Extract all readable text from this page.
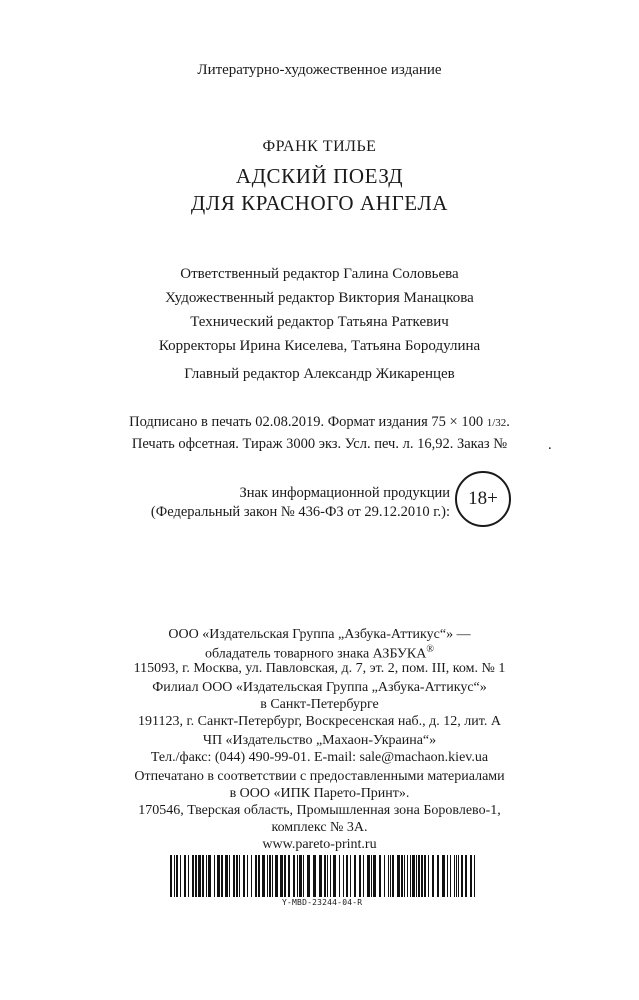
Литературно-художественное издание
ФРАНК ТИЛЬЕ
АДСКИЙ ПОЕЗД
ДЛЯ КРАСНОГО АНГЕЛА
Ответственный редактор Галина Соловьева
Художественный редактор Виктория Манацкова
Технический редактор Татьяна Раткевич
Корректоры Ирина Киселева, Татьяна Бородулина
Главный редактор Александр Жикаренцев
Подписано в печать 02.08.2019. Формат издания 75 × 100 1/32.
Печать офсетная. Тираж 3000 экз. Усл. печ. л. 16,92. Заказ №	.
Знак информационной продукции
(Федеральный закон № 436-ФЗ от 29.12.2010 г.):
18+
ООО «Издательская Группа „Азбука-Аттикус“» —
обладатель товарного знака АЗБУКА®
115093, г. Москва, ул. Павловская, д. 7, эт. 2, пом. III, ком. № 1
Филиал ООО «Издательская Группа „Азбука-Аттикус“»
в Санкт-Петербурге
191123, г. Санкт-Петербург, Воскресенская наб., д. 12, лит. А
ЧП «Издательство „Махаон-Украина“»
Тел./факс: (044) 490-99-01. E-mail: sale@machaon.kiev.ua
Отпечатано в соответствии с предоставленными материалами
в ООО «ИПК Парето-Принт».
170546, Тверская область, Промышленная зона Боровлево-1,
комплекс № 3А.
www.pareto-print.ru
Y-MBD-23244-04-R
